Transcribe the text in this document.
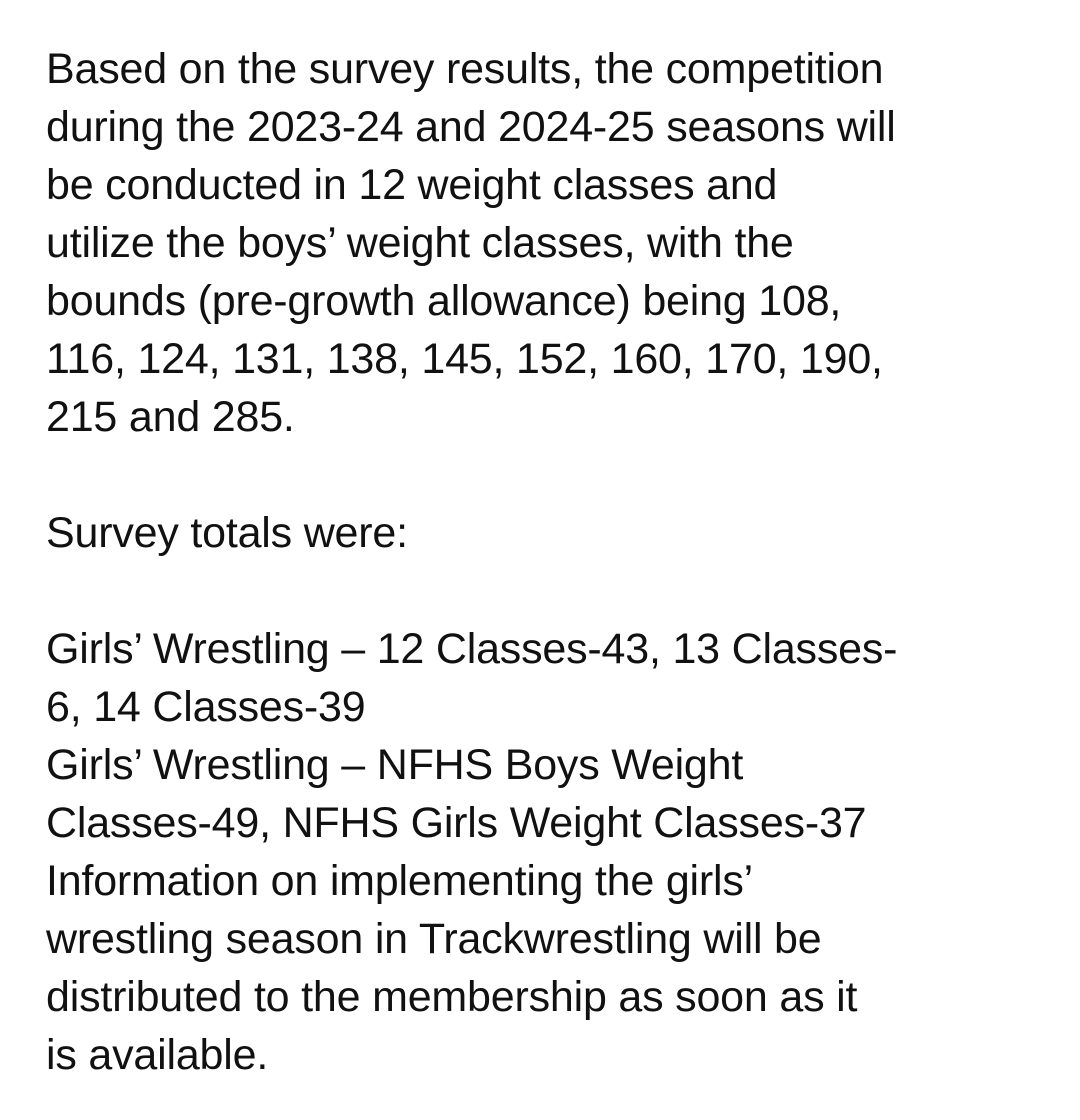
Based on the survey results, the competition
during the 2023-24 and 2024-25 seasons will
be conducted in 12 weight classes and
utilize the boys’ weight classes, with the
bounds (pre-growth allowance) being 108,
116, 124, 131, 138, 145, 152, 160, 170, 190,
215 and 285.
Survey totals were:
Girls’ Wrestling – 12 Classes-43, 13 Classes-
6, 14 Classes-39
Girls’ Wrestling – NFHS Boys Weight
Classes-49, NFHS Girls Weight Classes-37
Information on implementing the girls’
wrestling season in Trackwrestling will be
distributed to the membership as soon as it
is available.
